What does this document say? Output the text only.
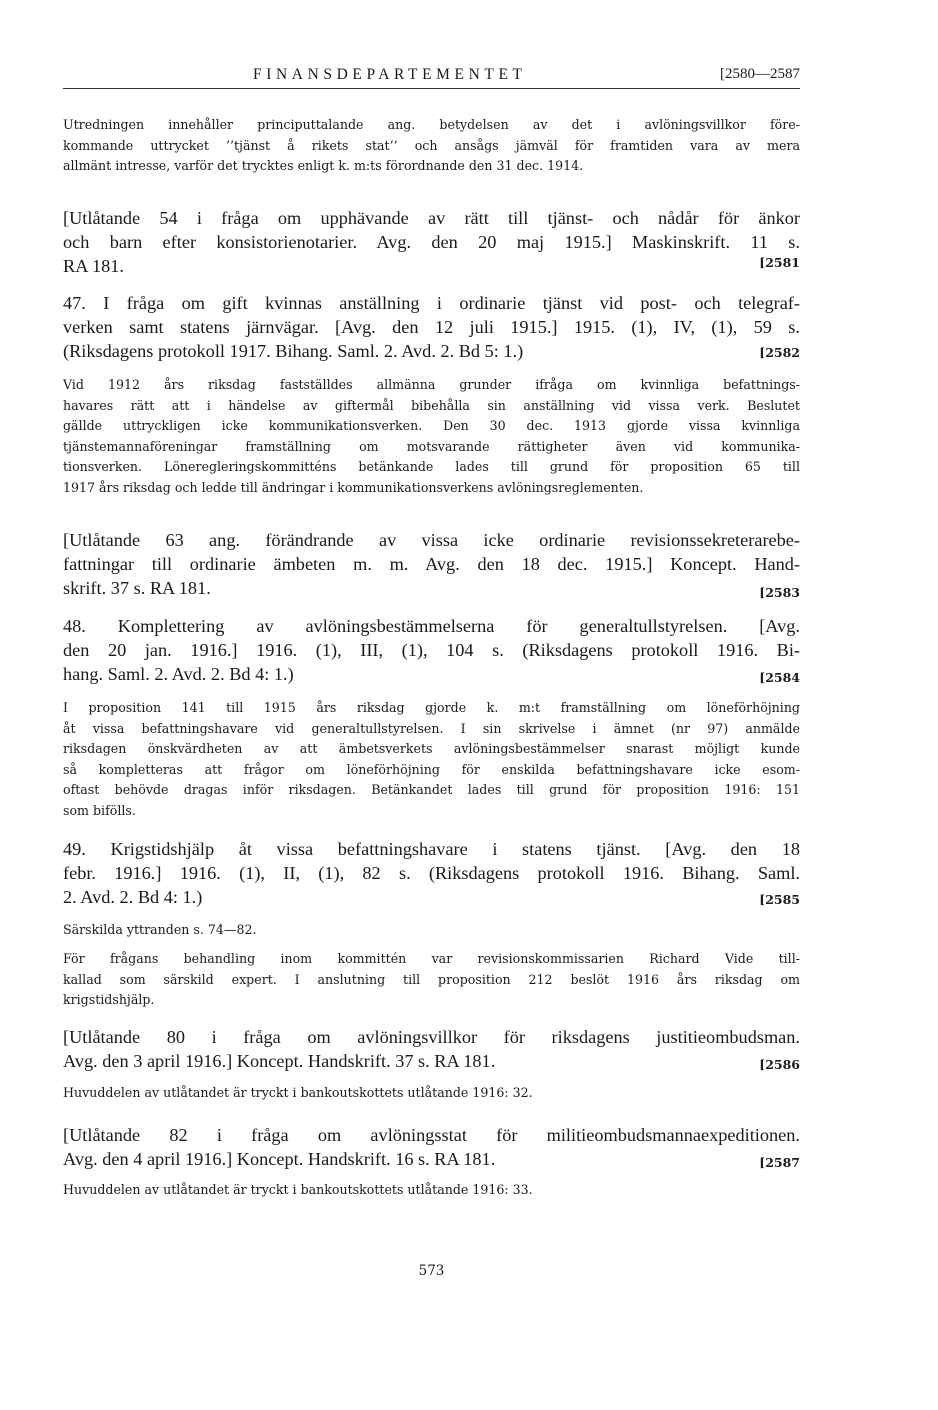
FINANSDEPARTEMENTET	[2580—2587
Utredningen innehåller principuttalande ang. betydelsen av det i avlöningsvillkor före-
kommande uttrycket ’’tjänst å rikets stat’’ och ansågs jämväl för framtiden vara av mera
allmänt intresse, varför det trycktes enligt k. m:ts förordnande den 31 dec. 1914.
[Utlåtande 54 i fråga om upphävande av rätt till tjänst- och nådår för änkor
och barn efter konsistorienotarier. Avg. den 20 maj 1915.] Maskinskrift. 11 s.
RA 181.	[2581
47. I fråga om gift kvinnas anställning i ordinarie tjänst vid post- och telegraf-
verken samt statens järnvägar. [Avg. den 12 juli 1915.] 1915. (1), IV, (1), 59 s.
(Riksdagens protokoll 1917. Bihang. Saml. 2. Avd. 2. Bd 5: 1.)	[2582
Vid 1912 års riksdag fastställdes allmänna grunder ifråga om kvinnliga befattnings-
havares rätt att i händelse av giftermål bibehålla sin anställning vid vissa verk. Beslutet
gällde uttryckligen icke kommunikationsverken. Den 30 dec. 1913 gjorde vissa kvinnliga
tjänstemannaföreningar framställning om motsvarande rättigheter även vid kommunika-
tionsverken. Löneregleringskommitténs betänkande lades till grund för proposition 65 till
1917 års riksdag och ledde till ändringar i kommunikationsverkens avlöningsreglementen.
[Utlåtande 63 ang. förändrande av vissa icke ordinarie revisionssekreterarebe-
fattningar till ordinarie ämbeten m. m. Avg. den 18 dec. 1915.] Koncept. Hand-
skrift. 37 s. RA 181.	[2583
48. Komplettering av avlöningsbestämmelserna för generaltullstyrelsen. [Avg.
den 20 jan. 1916.] 1916. (1), III, (1), 104 s. (Riksdagens protokoll 1916. Bi-
hang. Saml. 2. Avd. 2. Bd 4: 1.)	[2584
I proposition 141 till 1915 års riksdag gjorde k. m:t framställning om löneförhöjning
åt vissa befattningshavare vid generaltullstyrelsen. I sin skrivelse i ämnet (nr 97) anmälde
riksdagen önskvärdheten av att ämbetsverkets avlöningsbestämmelser snarast möjligt kunde
så kompletteras att frågor om löneförhöjning för enskilda befattningshavare icke esom-
oftast behövde dragas inför riksdagen. Betänkandet lades till grund för proposition 1916: 151
som bifölls.
49. Krigstidshjälp åt vissa befattningshavare i statens tjänst. [Avg. den 18
febr. 1916.] 1916. (1), II, (1), 82 s. (Riksdagens protokoll 1916. Bihang. Saml.
2. Avd. 2. Bd 4: 1.)	[2585
Särskilda yttranden s. 74—82.
För frågans behandling inom kommittén var revisionskommissarien Richard Vide till-
kallad som särskild expert. I anslutning till proposition 212 beslöt 1916 års riksdag om
krigstidshjälp.
[Utlåtande 80 i fråga om avlöningsvillkor för riksdagens justitieombudsman.
Avg. den 3 april 1916.] Koncept. Handskrift. 37 s. RA 181.	[2586
Huvuddelen av utlåtandet är tryckt i bankoutskottets utlåtande 1916: 32.
[Utlåtande 82 i fråga om avlöningsstat för militieombudsmannaexpeditionen.
Avg. den 4 april 1916.] Koncept. Handskrift. 16 s. RA 181.	[2587
Huvuddelen av utlåtandet är tryckt i bankoutskottets utlåtande 1916: 33.
573
